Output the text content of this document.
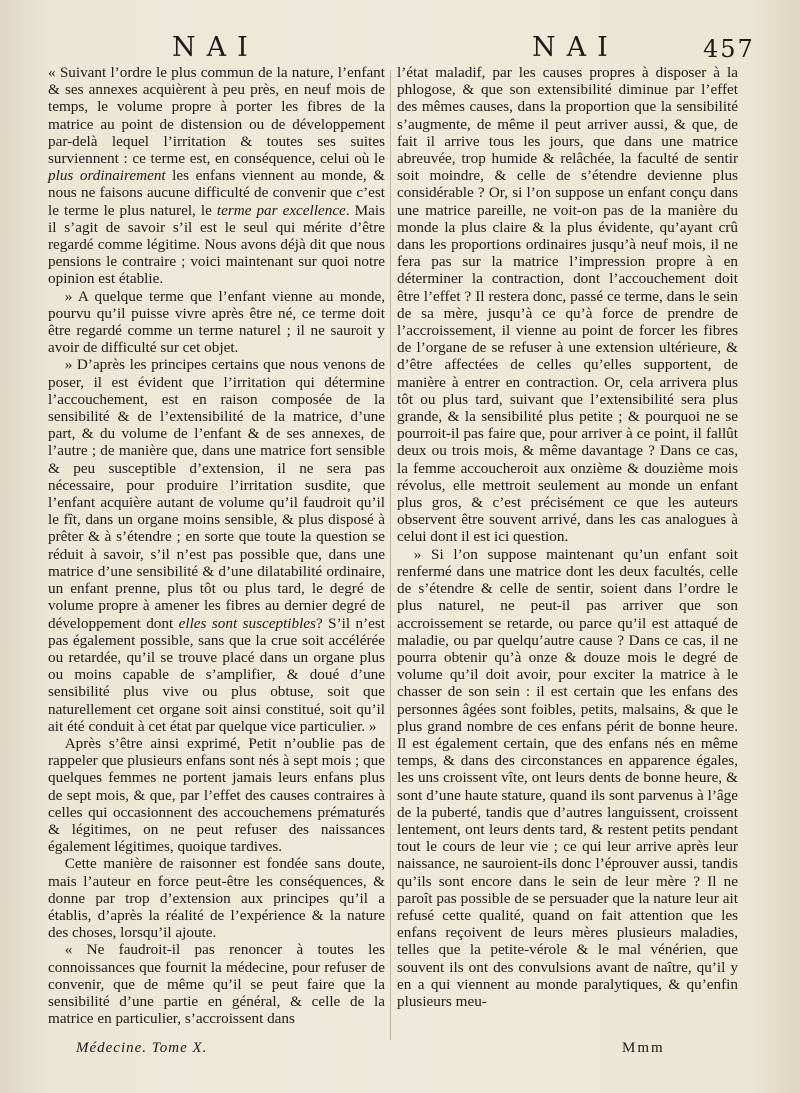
NAI	NAI	457

« Suivant l’ordre le plus commun de la nature, l’enfant & ses annexes acquièrent à peu près, en neuf mois de temps, le volume propre à porter les fibres de la matrice au point de distension ou de développement par-delà lequel l’irritation & toutes ses suites surviennent : ce terme est, en conséquence, celui où le plus ordinairement les enfans viennent au monde, & nous ne faisons aucune difficulté de convenir que c’est le terme le plus naturel, le terme par excellence. Mais il s’agit de savoir s’il est le seul qui mérite d’être regardé comme légitime. Nous avons déjà dit que nous pensions le contraire ; voici maintenant sur quoi notre opinion est établie.

» A quelque terme que l’enfant vienne au monde, pourvu qu’il puisse vivre après être né, ce terme doit être regardé comme un terme naturel ; il ne sauroit y avoir de difficulté sur cet objet.

» D’après les principes certains que nous venons de poser, il est évident que l’irritation qui détermine l’accouchement, est en raison composée de la sensibilité & de l’extensibilité de la matrice, d’une part, & du volume de l’enfant & de ses annexes, de l’autre ; de manière que, dans une matrice fort sensible & peu susceptible d’extension, il ne sera pas nécessaire, pour produire l’irritation susdite, que l’enfant acquière autant de volume qu’il faudroit qu’il le fît, dans un organe moins sensible, & plus disposé à prêter & à s’étendre ; en sorte que toute la question se réduit à savoir, s’il n’est pas possible que, dans une matrice d’une sensibilité & d’une dilatabilité ordinaire, un enfant prenne, plus tôt ou plus tard, le degré de volume propre à amener les fibres au dernier degré de développement dont elles sont susceptibles? S’il n’est pas également possible, sans que la crue soit accélérée ou retardée, qu’il se trouve placé dans un organe plus ou moins capable de s’amplifier, & doué d’une sensibilité plus vive ou plus obtuse, soit que naturellement cet organe soit ainsi constitué, soit qu’il ait été conduit à cet état par quelque vice particulier. »

Après s’être ainsi exprimé, Petit n’oublie pas de rappeler que plusieurs enfans sont nés à sept mois ; que quelques femmes ne portent jamais leurs enfans plus de sept mois, & que, par l’effet des causes contraires à celles qui occasionnent des accouchemens prématurés & légitimes, on ne peut refuser des naissances également légitimes, quoique tardives.

Cette manière de raisonner est fondée sans doute, mais l’auteur en force peut-être les conséquences, & donne par trop d’extension aux principes qu’il a établis, d’après la réalité de l’expérience & la nature des choses, lorsqu’il ajoute.

« Ne faudroit-il pas renoncer à toutes les connoissances que fournit la médecine, pour refuser de convenir, que de même qu’il se peut faire que la sensibilité d’une partie en général, & celle de la matrice en particulier, s’accroissent dans

l’état maladif, par les causes propres à disposer à la phlogose, & que son extensibilité diminue par l’effet des mêmes causes, dans la proportion que la sensibilité s’augmente, de même il peut arriver aussi, & que, de fait il arrive tous les jours, que dans une matrice abreuvée, trop humide & relâchée, la faculté de sentir soit moindre, & celle de s’étendre devienne plus considérable ? Or, si l’on suppose un enfant conçu dans une matrice pareille, ne voit-on pas de la manière du monde la plus claire & la plus évidente, qu’ayant crû dans les proportions ordinaires jusqu’à neuf mois, il ne fera pas sur la matrice l’impression propre à en déterminer la contraction, dont l’accouchement doit être l’effet ? Il restera donc, passé ce terme, dans le sein de sa mère, jusqu’à ce qu’à force de prendre de l’accroissement, il vienne au point de forcer les fibres de l’organe de se refuser à une extension ultérieure, & d’être affectées de celles qu’elles supportent, de manière à entrer en contraction. Or, cela arrivera plus tôt ou plus tard, suivant que l’extensibilité sera plus grande, & la sensibilité plus petite ; & pourquoi ne se pourroit-il pas faire que, pour arriver à ce point, il fallût deux ou trois mois, & même davantage ? Dans ce cas, la femme accoucheroit aux onzième & douzième mois révolus, elle mettroit seulement au monde un enfant plus gros, & c’est précisément ce que les auteurs observent être souvent arrivé, dans les cas analogues à celui dont il est ici question.

» Si l’on suppose maintenant qu’un enfant soit renfermé dans une matrice dont les deux facultés, celle de s’étendre & celle de sentir, soient dans l’ordre le plus naturel, ne peut-il pas arriver que son accroissement se retarde, ou parce qu’il est attaqué de maladie, ou par quelqu’autre cause ? Dans ce cas, il ne pourra obtenir qu’à onze & douze mois le degré de volume qu’il doit avoir, pour exciter la matrice à le chasser de son sein : il est certain que les enfans des personnes âgées sont foibles, petits, malsains, & que le plus grand nombre de ces enfans périt de bonne heure. Il est également certain, que des enfans nés en même temps, & dans des circonstances en apparence égales, les uns croissent vîte, ont leurs dents de bonne heure, & sont d’une haute stature, quand ils sont parvenus à l’âge de la puberté, tandis que d’autres languissent, croissent lentement, ont leurs dents tard, & restent petits pendant tout le cours de leur vie ; ce qui leur arrive après leur naissance, ne sauroient-ils donc l’éprouver aussi, tandis qu’ils sont encore dans le sein de leur mère ? Il ne paroît pas possible de se persuader que la nature leur ait refusé cette qualité, quand on fait attention que les enfans reçoivent de leurs mères plusieurs maladies, telles que la petite-vérole & le mal vénérien, que souvent ils ont des convulsions avant de naître, qu’il y en a qui viennent au monde paralytiques, & qu’enfin plusieurs meu-

Médecine. Tome X.	Mmm
